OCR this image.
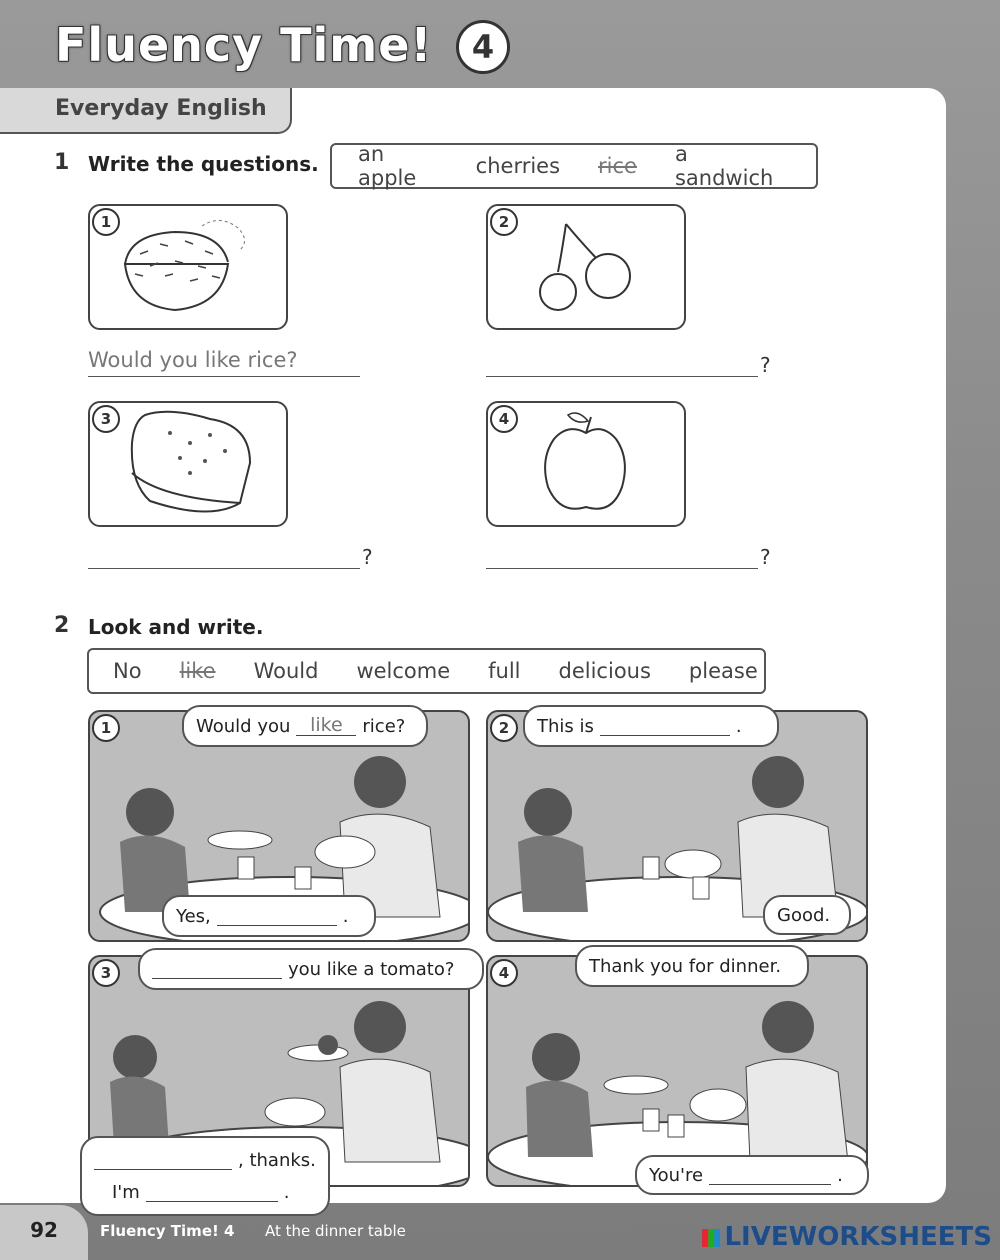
Fluency Time!	4
Everyday English
1 Write the questions. an apple	cherries rice a sandwich
1
Would you like rice?
2
?
3
?
4
?
2 Look and write.
No like Would welcome full delicious please
1	Would you	like	rice?
Yes,	.
2	This is	.
Good.
3	you like a tomato?
, thanks.
I'm	.
4	Thank you for dinner.
You're	.
92	Fluency Time! 4 At the dinner table	LIVEWORKSHEETS
